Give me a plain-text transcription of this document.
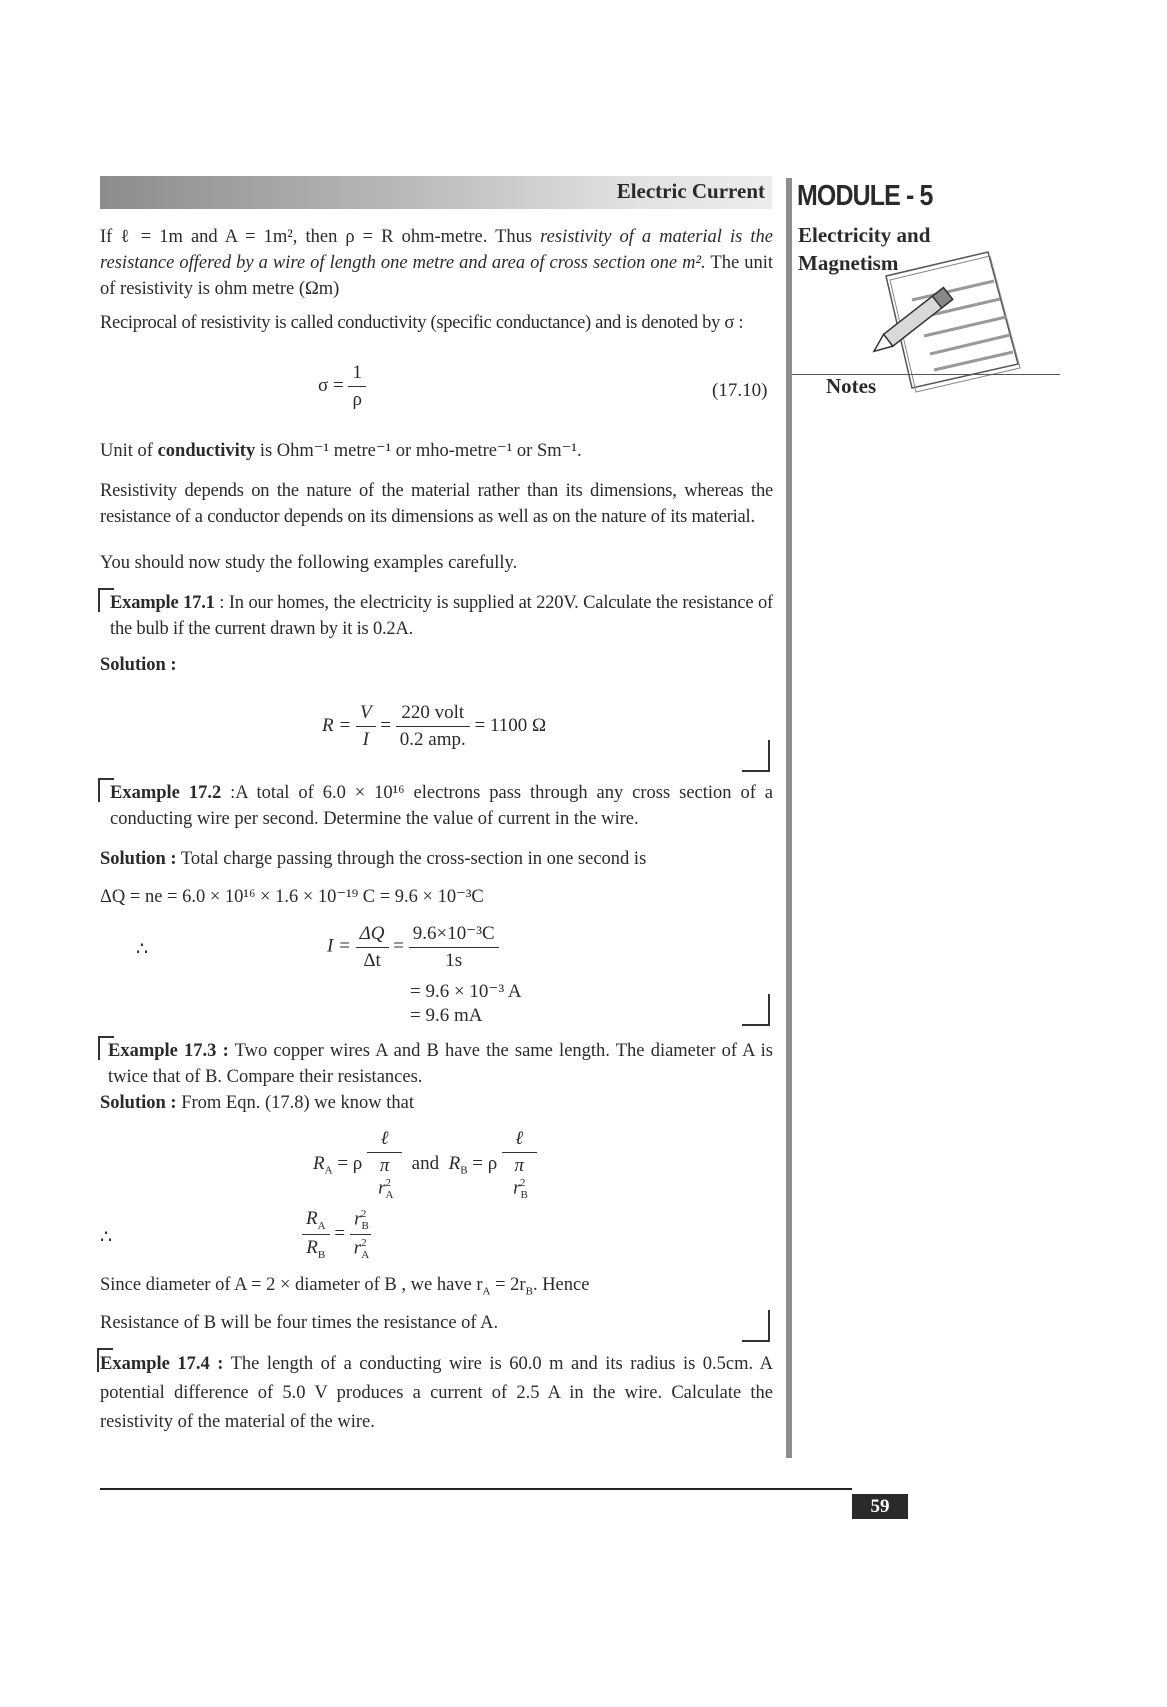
Electric Current MODULE - 5
Electricity and
Magnetism
Notes

If ℓ = 1m and A = 1m², then ρ = R ohm-metre. Thus resistivity of a material is the resistance offered by a wire of length one metre and area of cross section one m². The unit of resistivity is ohm metre (Ωm)

Reciprocal of resistivity is called conductivity (specific conductance) and is denoted by σ :

$\sigma = \frac{1}{\rho}$	(17.10)

Unit of conductivity is Ohm⁻¹ metre⁻¹ or mho-metre⁻¹ or Sm⁻¹.

Resistivity depends on the nature of the material rather than its dimensions, whereas the resistance of a conductor depends on its dimensions as well as on the nature of its material.

You should now study the following examples carefully.

Example 17.1 : In our homes, the electricity is supplied at 220V. Calculate the resistance of the bulb if the current drawn by it is 0.2A.

Solution :

$R = \frac{V}{I} = \frac{\text{220 volt}}{\text{0.2 amp.}} = 1100$ Ω

Example 17.2 :A total of 6.0 × 10¹⁶ electrons pass through any cross section of a conducting wire per second. Determine the value of current in the wire.

Solution : Total charge passing through the cross-section in one second is

ΔQ = ne = 6.0 × 10¹⁶ × 1.6 × 10⁻¹⁹ C = 9.6 × 10⁻³C

∴	$I = \frac{\Delta Q}{\Delta t} = \frac{\text{9.6×10⁻³C}}{1s}$
= 9.6 × 10⁻³ A
= 9.6 mA

Example 17.3 : Two copper wires A and B have the same length. The diameter of A is twice that of B. Compare their resistances.

Solution : From Eqn. (17.8) we know that

$R_A = \rho \frac{\text{ℓ}}{\pi r_A^2}$ and $R_B = \rho \frac{\text{ℓ}}{\pi r_B^2}$
∴	$\frac{R_A}{R_B} = \frac{r_B^2}{r_A^2}$

Since diameter of A = 2 × diameter of B , we have $r_A = 2r_B$. Hence

Resistance of B will be four times the resistance of A.

Example 17.4 : The length of a conducting wire is 60.0 m and its radius is 0.5cm. A potential difference of 5.0 V produces a current of 2.5 A in the wire. Calculate the resistivity of the material of the wire.

59
